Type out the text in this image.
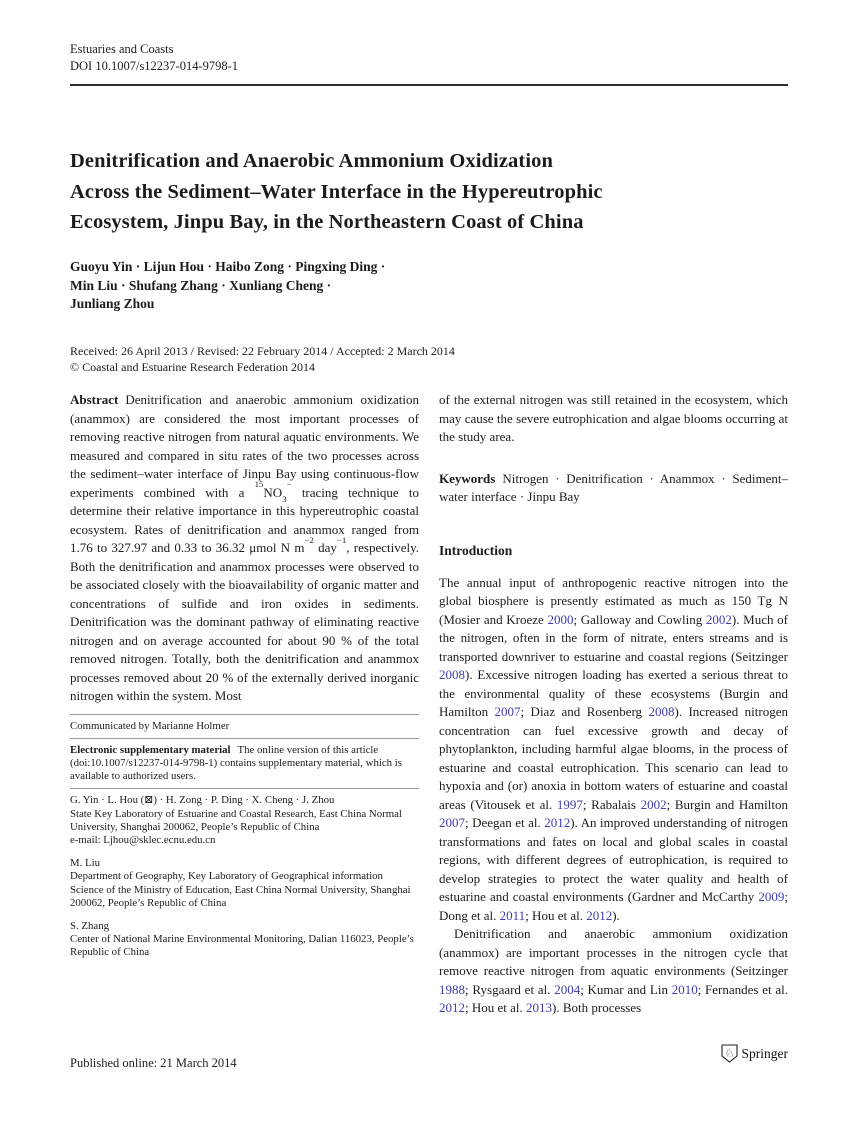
Estuaries and Coasts
DOI 10.1007/s12237-014-9798-1
Denitrification and Anaerobic Ammonium Oxidization
Across the Sediment–Water Interface in the Hypereutrophic
Ecosystem, Jinpu Bay, in the Northeastern Coast of China
Guoyu Yin · Lijun Hou · Haibo Zong · Pingxing Ding ·
Min Liu · Shufang Zhang · Xunliang Cheng ·
Junliang Zhou
Received: 26 April 2013 / Revised: 22 February 2014 / Accepted: 2 March 2014
© Coastal and Estuarine Research Federation 2014

Abstract Denitrification and anaerobic ammonium oxidization (anammox) are considered the most important processes of removing reactive nitrogen from natural aquatic environments. We measured and compared in situ rates of the two processes across the sediment–water interface of Jinpu Bay using continuous-flow experiments combined with a $^{15}NO_3^-$ tracing technique to determine their relative importance in this hypereutrophic coastal ecosystem. Rates of denitrification and anammox ranged from 1.76 to 327.97 and 0.33 to 36.32 μmol N $m^{-2}$ day$^{-1}$, respectively. Both the denitrification and anammox processes were observed to be associated closely with the bioavailability of organic matter and concentrations of sulfide and iron oxides in sediments. Denitrification was the dominant pathway of eliminating reactive nitrogen and on average accounted for about 90 % of the total removed nitrogen. Totally, both the denitrification and anammox processes removed about 20 % of the externally derived inorganic nitrogen within the system. Most

Communicated by Marianne Holmer
Electronic supplementary material The online version of this article (doi:10.1007/s12237-014-9798-1) contains supplementary material, which is available to authorized users.
G. Yin · L. Hou (⊠) · H. Zong · P. Ding · X. Cheng · J. Zhou
State Key Laboratory of Estuarine and Coastal Research, East China Normal University, Shanghai 200062, People’s Republic of China
e-mail: Ljhou@sklec.ecnu.edu.cn
M. Liu
Department of Geography, Key Laboratory of Geographical information Science of the Ministry of Education, East China Normal University, Shanghai 200062, People’s Republic of China
S. Zhang
Center of National Marine Environmental Monitoring, Dalian 116023, People’s Republic of China

of the external nitrogen was still retained in the ecosystem, which may cause the severe eutrophication and algae blooms occurring at the study area.

Keywords Nitrogen · Denitrification · Anammox · Sediment–water interface · Jinpu Bay

Introduction

The annual input of anthropogenic reactive nitrogen into the global biosphere is presently estimated as much as 150 Tg N (Mosier and Kroeze 2000; Galloway and Cowling 2002). Much of the nitrogen, often in the form of nitrate, enters streams and is transported downriver to estuarine and coastal regions (Seitzinger 2008). Excessive nitrogen loading has exerted a serious threat to the environmental quality of these ecosystems (Burgin and Hamilton 2007; Diaz and Rosenberg 2008). Increased nitrogen concentration can fuel excessive growth and decay of phytoplankton, including harmful algae blooms, in the process of estuarine and coastal eutrophication. This scenario can lead to hypoxia and (or) anoxia in bottom waters of estuarine and coastal areas (Vitousek et al. 1997; Rabalais 2002; Burgin and Hamilton 2007; Deegan et al. 2012). An improved understanding of nitrogen transformations and fates on local and global scales in coastal regions, with different degrees of eutrophication, is required to develop strategies to protect the water quality and health of estuarine and coastal environments (Gardner and McCarthy 2009; Dong et al. 2011; Hou et al. 2012).

Denitrification and anaerobic ammonium oxidization (anammox) are important processes in the nitrogen cycle that remove reactive nitrogen from aquatic environments (Seitzinger 1988; Rysgaard et al. 2004; Kumar and Lin 2010; Fernandes et al. 2012; Hou et al. 2013). Both processes

Published online: 21 March 2014
♘ Springer
